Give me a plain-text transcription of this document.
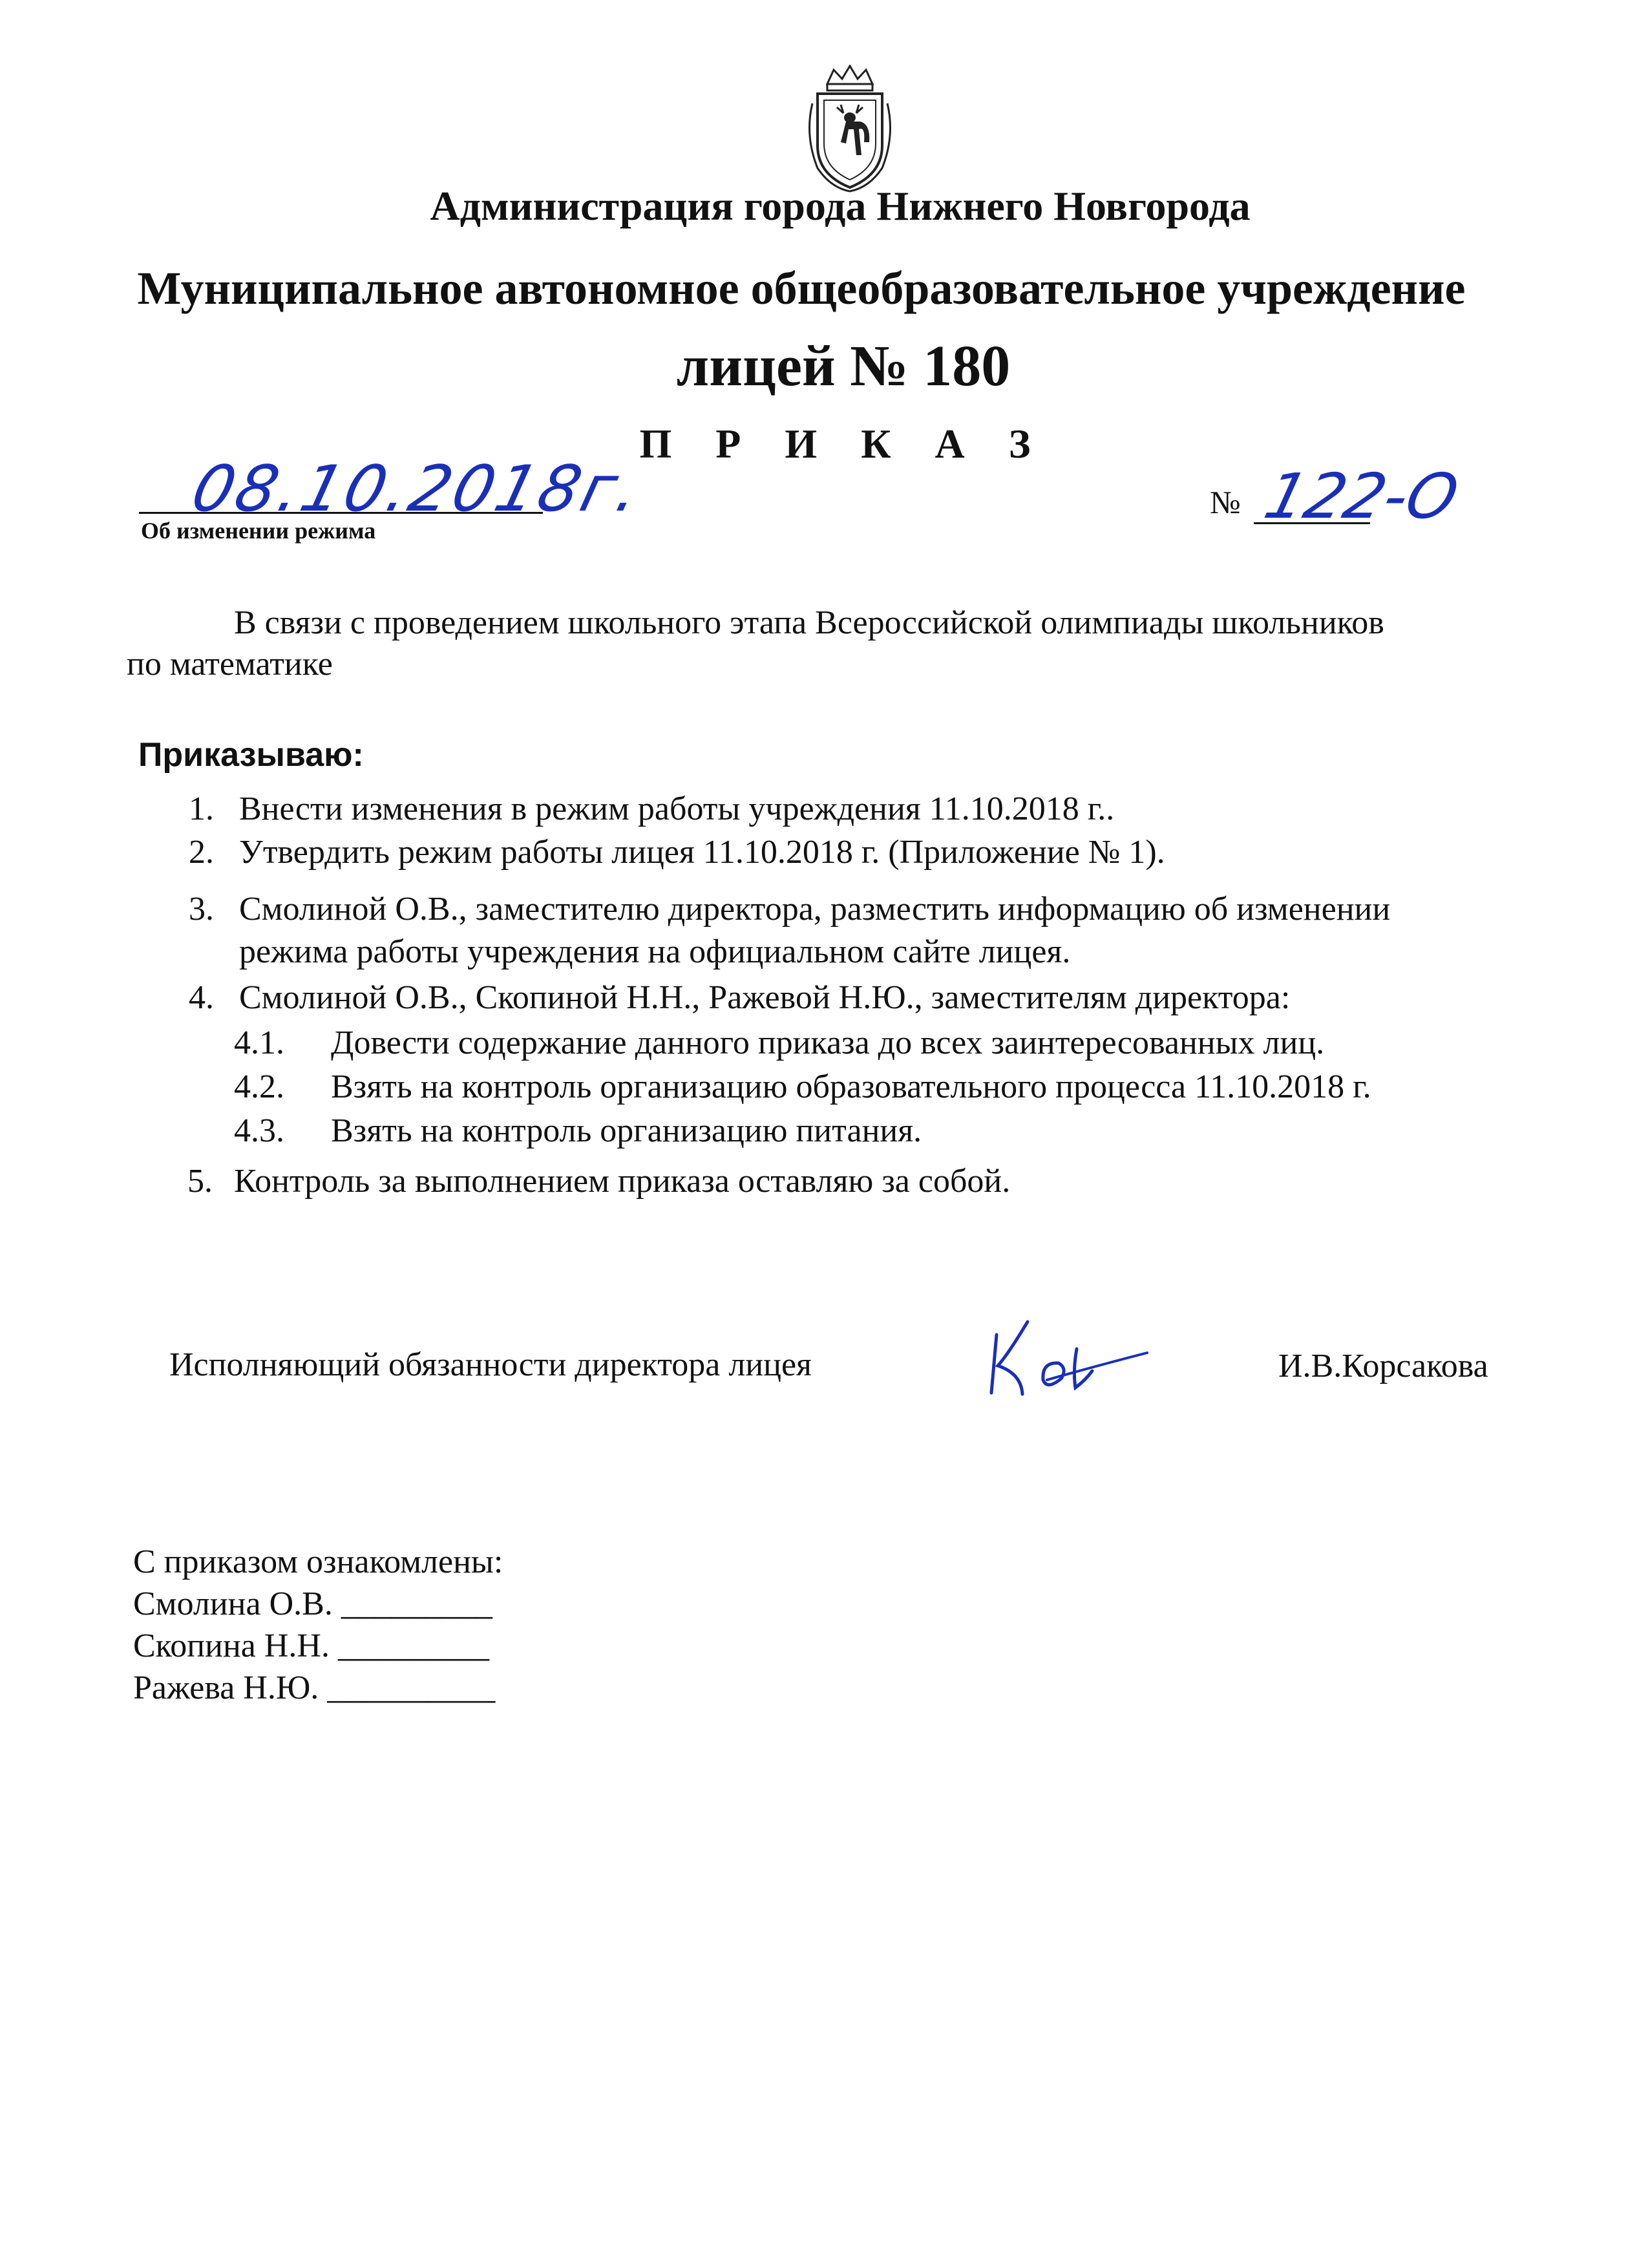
Администрация города Нижнего Новгорода
Муниципальное автономное общеобразовательное учреждение
лицей № 180
П Р И К А З
08.10.2018г.
Об изменении режима
№ 122-О
В связи с проведением школьного этапа Всероссийской олимпиады школьников
по математике
Приказываю:
1. Внести изменения в режим работы учреждения 11.10.2018 г..
2. Утвердить режим работы лицея 11.10.2018 г. (Приложение № 1).
3. Смолиной О.В., заместителю директора, разместить информацию об изменении
режима работы учреждения на официальном сайте лицея.
4. Смолиной О.В., Скопиной Н.Н., Ражевой Н.Ю., заместителям директора:
4.1. Довести содержание данного приказа до всех заинтересованных лиц.
4.2. Взять на контроль организацию образовательного процесса 11.10.2018 г.
4.3. Взять на контроль организацию питания.
5. Контроль за выполнением приказа оставляю за собой.
Исполняющий обязанности директора лицея	И.В.Корсакова
С приказом ознакомлены:
Смолина О.В. _________
Скопина Н.Н. _________
Ражева Н.Ю. __________
